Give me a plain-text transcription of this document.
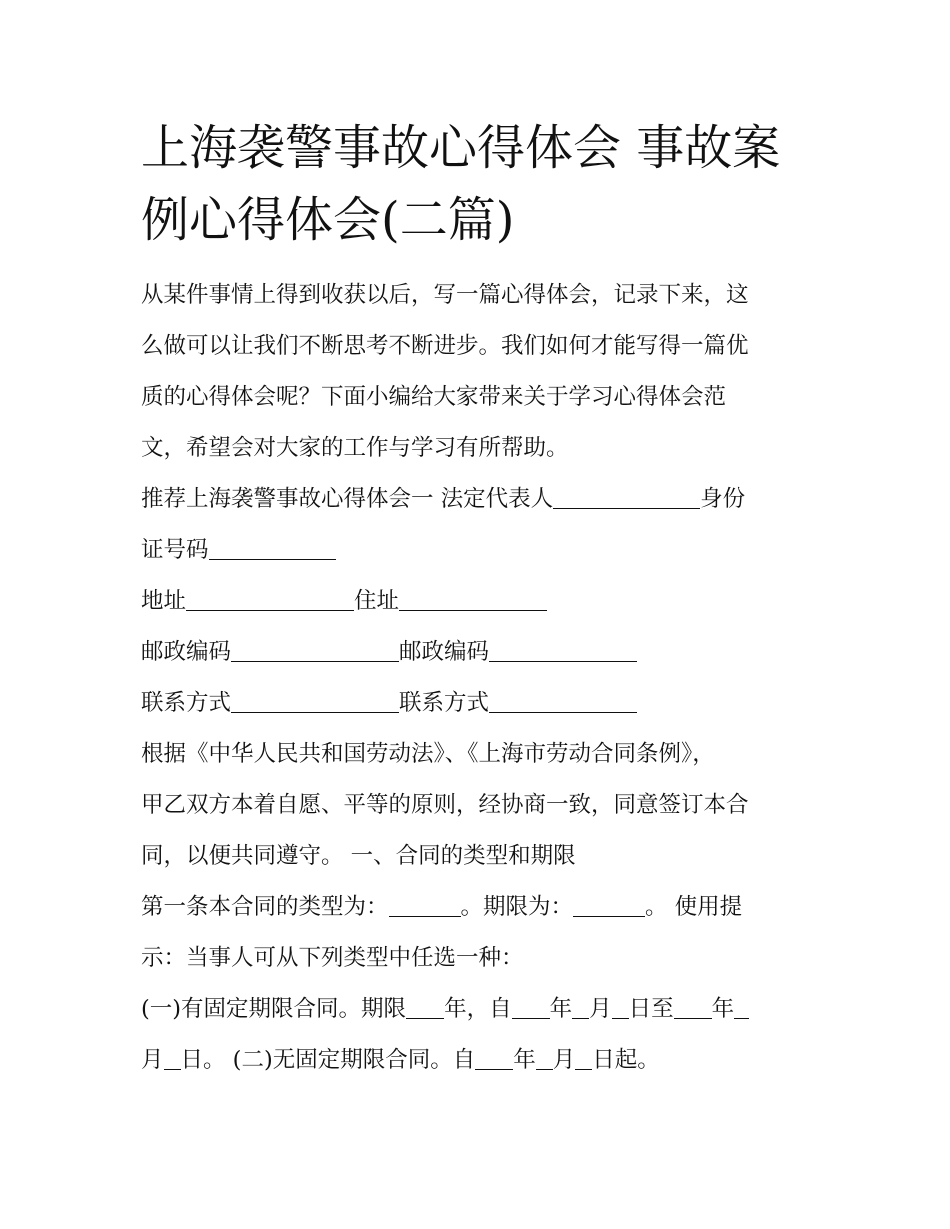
上海袭警事故心得体会 事故案
例心得体会(二篇)

从某件事情上得到收获以后，写一篇心得体会，记录下来，这
么做可以让我们不断思考不断进步。我们如何才能写得一篇优
质的心得体会呢？下面小编给大家带来关于学习心得体会范
文，希望会对大家的工作与学习有所帮助。

推荐上海袭警事故心得体会一 法定代表人	身份
证号码

地址	住址

邮政编码	邮政编码

联系方式	联系方式

根据《中华人民共和国劳动法》、《上海市劳动合同条例》，
甲乙双方本着自愿、平等的原则，经协商一致，同意签订本合
同，以便共同遵守。 一、合同的类型和期限

第一条本合同的类型为：	。期限为：	。 使用提
示：当事人可从下列类型中任选一种：

(一)有固定期限合同。期限 年，自 年 月 日至 年
月 日。 (二)无固定期限合同。自 年 月 日起。
